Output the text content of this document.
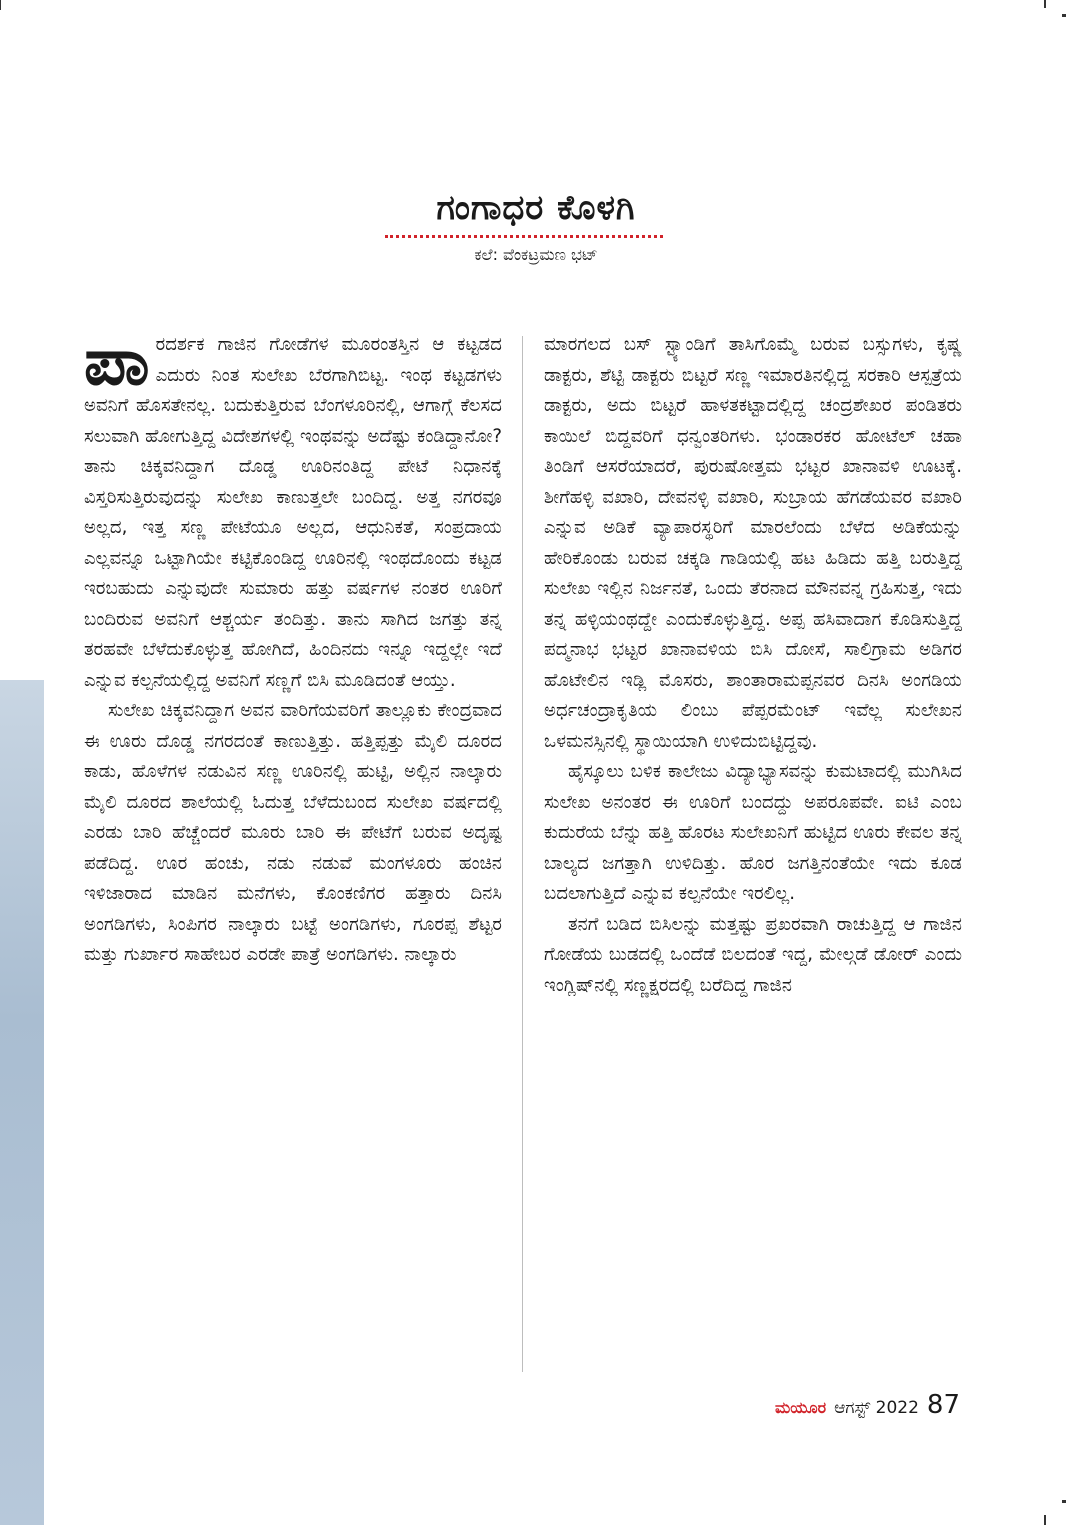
ಗಂಗಾಧರ ಕೊಳಗಿ
ಕಲೆ: ವೆಂಕಟ್ರಮಣ ಭಟ್

ಪಾರದರ್ಶಕ ಗಾಜಿನ ಗೋಡೆಗಳ ಮೂರಂತಸ್ತಿನ ಆ ಕಟ್ಟಡದ ಎದುರು ನಿಂತ ಸುಲೇಖ ಬೆರಗಾಗಿಬಿಟ್ಟ. ಇಂಥ ಕಟ್ಟಡಗಳು ಅವನಿಗೆ ಹೊಸತೇನಲ್ಲ. ಬದುಕುತ್ತಿರುವ ಬೆಂಗಳೂರಿನಲ್ಲಿ, ಆಗಾಗ್ಗೆ ಕೆಲಸದ ಸಲುವಾಗಿ ಹೋಗುತ್ತಿದ್ದ ವಿದೇಶಗಳಲ್ಲಿ ಇಂಥವನ್ನು ಅದೆಷ್ಟು ಕಂಡಿದ್ದಾನೋ? ತಾನು ಚಿಕ್ಕವನಿದ್ದಾಗ ದೊಡ್ಡ ಊರಿನಂತಿದ್ದ ಪೇಟೆ ನಿಧಾನಕ್ಕೆ ವಿಸ್ತರಿಸುತ್ತಿರುವುದನ್ನು ಸುಲೇಖ ಕಾಣುತ್ತಲೇ ಬಂದಿದ್ದ. ಅತ್ತ ನಗರವೂ ಅಲ್ಲದ, ಇತ್ತ ಸಣ್ಣ ಪೇಟೆಯೂ ಅಲ್ಲದ, ಆಧುನಿಕತೆ, ಸಂಪ್ರದಾಯ ಎಲ್ಲವನ್ನೂ ಒಟ್ಟಾಗಿಯೇ ಕಟ್ಟಿಕೊಂಡಿದ್ದ ಊರಿನಲ್ಲಿ ಇಂಥದೊಂದು ಕಟ್ಟಡ ಇರಬಹುದು ಎನ್ನುವುದೇ ಸುಮಾರು ಹತ್ತು ವರ್ಷಗಳ ನಂತರ ಊರಿಗೆ ಬಂದಿರುವ ಅವನಿಗೆ ಆಶ್ಚರ್ಯ ತಂದಿತ್ತು. ತಾನು ಸಾಗಿದ ಜಗತ್ತು ತನ್ನ ತರಹವೇ ಬೆಳೆದುಕೊಳ್ಳುತ್ತ ಹೋಗಿದೆ, ಹಿಂದಿನದು ಇನ್ನೂ ಇದ್ದಲ್ಲೇ ಇದೆ ಎನ್ನುವ ಕಲ್ಪನೆಯಲ್ಲಿದ್ದ ಅವನಿಗೆ ಸಣ್ಣಗೆ ಬಿಸಿ ಮೂಡಿದಂತೆ ಆಯ್ತು.

ಸುಲೇಖ ಚಿಕ್ಕವನಿದ್ದಾಗ ಅವನ ವಾರಿಗೆಯವರಿಗೆ ತಾಲ್ಲೂಕು ಕೇಂದ್ರವಾದ ಈ ಊರು ದೊಡ್ಡ ನಗರದಂತೆ ಕಾಣುತ್ತಿತ್ತು. ಹತ್ತಿಪ್ಪತ್ತು ಮೈಲಿ ದೂರದ ಕಾಡು, ಹೊಳೆಗಳ ನಡುವಿನ ಸಣ್ಣ ಊರಿನಲ್ಲಿ ಹುಟ್ಟಿ, ಅಲ್ಲಿನ ನಾಲ್ಕಾರು ಮೈಲಿ ದೂರದ ಶಾಲೆಯಲ್ಲಿ ಓದುತ್ತ ಬೆಳೆದುಬಂದ ಸುಲೇಖ ವರ್ಷದಲ್ಲಿ ಎರಡು ಬಾರಿ ಹೆಚ್ಚೆಂದರೆ ಮೂರು ಬಾರಿ ಈ ಪೇಟೆಗೆ ಬರುವ ಅದೃಷ್ಟ ಪಡೆದಿದ್ದ. ಊರ ಹಂಚು, ನಡು ನಡುವೆ ಮಂಗಳೂರು ಹಂಚಿನ ಇಳಿಜಾರಾದ ಮಾಡಿನ ಮನೆಗಳು, ಕೊಂಕಣಿಗರ ಹತ್ತಾರು ದಿನಸಿ ಅಂಗಡಿಗಳು, ಸಿಂಪಿಗರ ನಾಲ್ಕಾರು ಬಟ್ಟೆ ಅಂಗಡಿಗಳು, ಗೂರಪ್ಪ ಶೆಟ್ಟರ ಮತ್ತು ಗುರ್ಖಾರ ಸಾಹೇಬರ ಎರಡೇ ಪಾತ್ರೆ ಅಂಗಡಿಗಳು. ನಾಲ್ಕಾರು

ಮಾರಗಲದ ಬಸ್ ಸ್ಟ್ಯಾಂಡಿಗೆ ತಾಸಿಗೊಮ್ಮೆ ಬರುವ ಬಸ್ಸುಗಳು, ಕೃಷ್ಣ ಡಾಕ್ಟರು, ಶೆಟ್ಟಿ ಡಾಕ್ಟರು ಬಿಟ್ಟರೆ ಸಣ್ಣ ಇಮಾರತಿನಲ್ಲಿದ್ದ ಸರಕಾರಿ ಆಸ್ಪತ್ರೆಯ ಡಾಕ್ಟರು, ಅದು ಬಿಟ್ಟರೆ ಹಾಳತಕಟ್ಟಾದಲ್ಲಿದ್ದ ಚಂದ್ರಶೇಖರ ಪಂಡಿತರು ಕಾಯಿಲೆ ಬಿದ್ದವರಿಗೆ ಧನ್ವಂತರಿಗಳು. ಭಂಡಾರಕರ ಹೋಟೆಲ್ ಚಹಾ ತಿಂಡಿಗೆ ಆಸರೆಯಾದರೆ, ಪುರುಷೋತ್ತಮ ಭಟ್ಟರ ಖಾನಾವಳಿ ಊಟಕ್ಕೆ. ಶೀಗೆಹಳ್ಳಿ ವಖಾರಿ, ದೇವನಳ್ಳಿ ವಖಾರಿ, ಸುಬ್ರಾಯ ಹೆಗಡೆಯವರ ವಖಾರಿ ಎನ್ನುವ ಅಡಿಕೆ ವ್ಯಾಪಾರಸ್ಥರಿಗೆ ಮಾರಲೆಂದು ಬೆಳೆದ ಅಡಿಕೆಯನ್ನು ಹೇರಿಕೊಂಡು ಬರುವ ಚಕ್ಕಡಿ ಗಾಡಿಯಲ್ಲಿ ಹಟ ಹಿಡಿದು ಹತ್ತಿ ಬರುತ್ತಿದ್ದ ಸುಲೇಖ ಇಲ್ಲಿನ ನಿರ್ಜನತೆ, ಒಂದು ತೆರನಾದ ಮೌನವನ್ನ ಗ್ರಹಿಸುತ್ತ, ಇದು ತನ್ನ ಹಳ್ಳಿಯಂಥದ್ದೇ ಎಂದುಕೊಳ್ಳುತ್ತಿದ್ದ. ಅಪ್ಪ ಹಸಿವಾದಾಗ ಕೊಡಿಸುತ್ತಿದ್ದ ಪದ್ಮನಾಭ ಭಟ್ಟರ ಖಾನಾವಳಿಯ ಬಿಸಿ ದೋಸೆ, ಸಾಲಿಗ್ರಾಮ ಅಡಿಗರ ಹೊಟೇಲಿನ ಇಡ್ಲಿ ಮೊಸರು, ಶಾಂತಾರಾಮಪ್ಪನವರ ದಿನಸಿ ಅಂಗಡಿಯ ಅರ್ಧಚಂದ್ರಾಕೃತಿಯ ಲಿಂಬು ಪೆಪ್ಪರಮೆಂಟ್ ಇವೆಲ್ಲ ಸುಲೇಖನ ಒಳಮನಸ್ಸಿನಲ್ಲಿ ಸ್ಥಾಯಿಯಾಗಿ ಉಳಿದುಬಿಟ್ಟಿದ್ದವು.

ಹೈಸ್ಕೂಲು ಬಳಿಕ ಕಾಲೇಜು ವಿದ್ಯಾಭ್ಯಾಸವನ್ನು ಕುಮಟಾದಲ್ಲಿ ಮುಗಿಸಿದ ಸುಲೇಖ ಅನಂತರ ಈ ಊರಿಗೆ ಬಂದದ್ದು ಅಪರೂಪವೇ. ಐಟಿ ಎಂಬ ಕುದುರೆಯ ಬೆನ್ನು ಹತ್ತಿ ಹೊರಟ ಸುಲೇಖನಿಗೆ ಹುಟ್ಟಿದ ಊರು ಕೇವಲ ತನ್ನ ಬಾಲ್ಯದ ಜಗತ್ತಾಗಿ ಉಳಿದಿತ್ತು. ಹೊರ ಜಗತ್ತಿನಂತೆಯೇ ಇದು ಕೂಡ ಬದಲಾಗುತ್ತಿದೆ ಎನ್ನುವ ಕಲ್ಪನೆಯೇ ಇರಲಿಲ್ಲ.

ತನಗೆ ಬಡಿದ ಬಿಸಿಲನ್ನು ಮತ್ತಷ್ಟು ಪ್ರಖರವಾಗಿ ರಾಚುತ್ತಿದ್ದ ಆ ಗಾಜಿನ ಗೋಡೆಯ ಬುಡದಲ್ಲಿ ಒಂದೆಡೆ ಬಿಲದಂತೆ ಇದ್ದ, ಮೇಲ್ಗಡೆ ಡೋರ್ ಎಂದು ಇಂಗ್ಲಿಷ್‌ನಲ್ಲಿ ಸಣ್ಣಕ್ಷರದಲ್ಲಿ ಬರೆದಿದ್ದ ಗಾಜಿನ

ಮಯೂರ ಆಗಸ್ಟ್ 2022 87
